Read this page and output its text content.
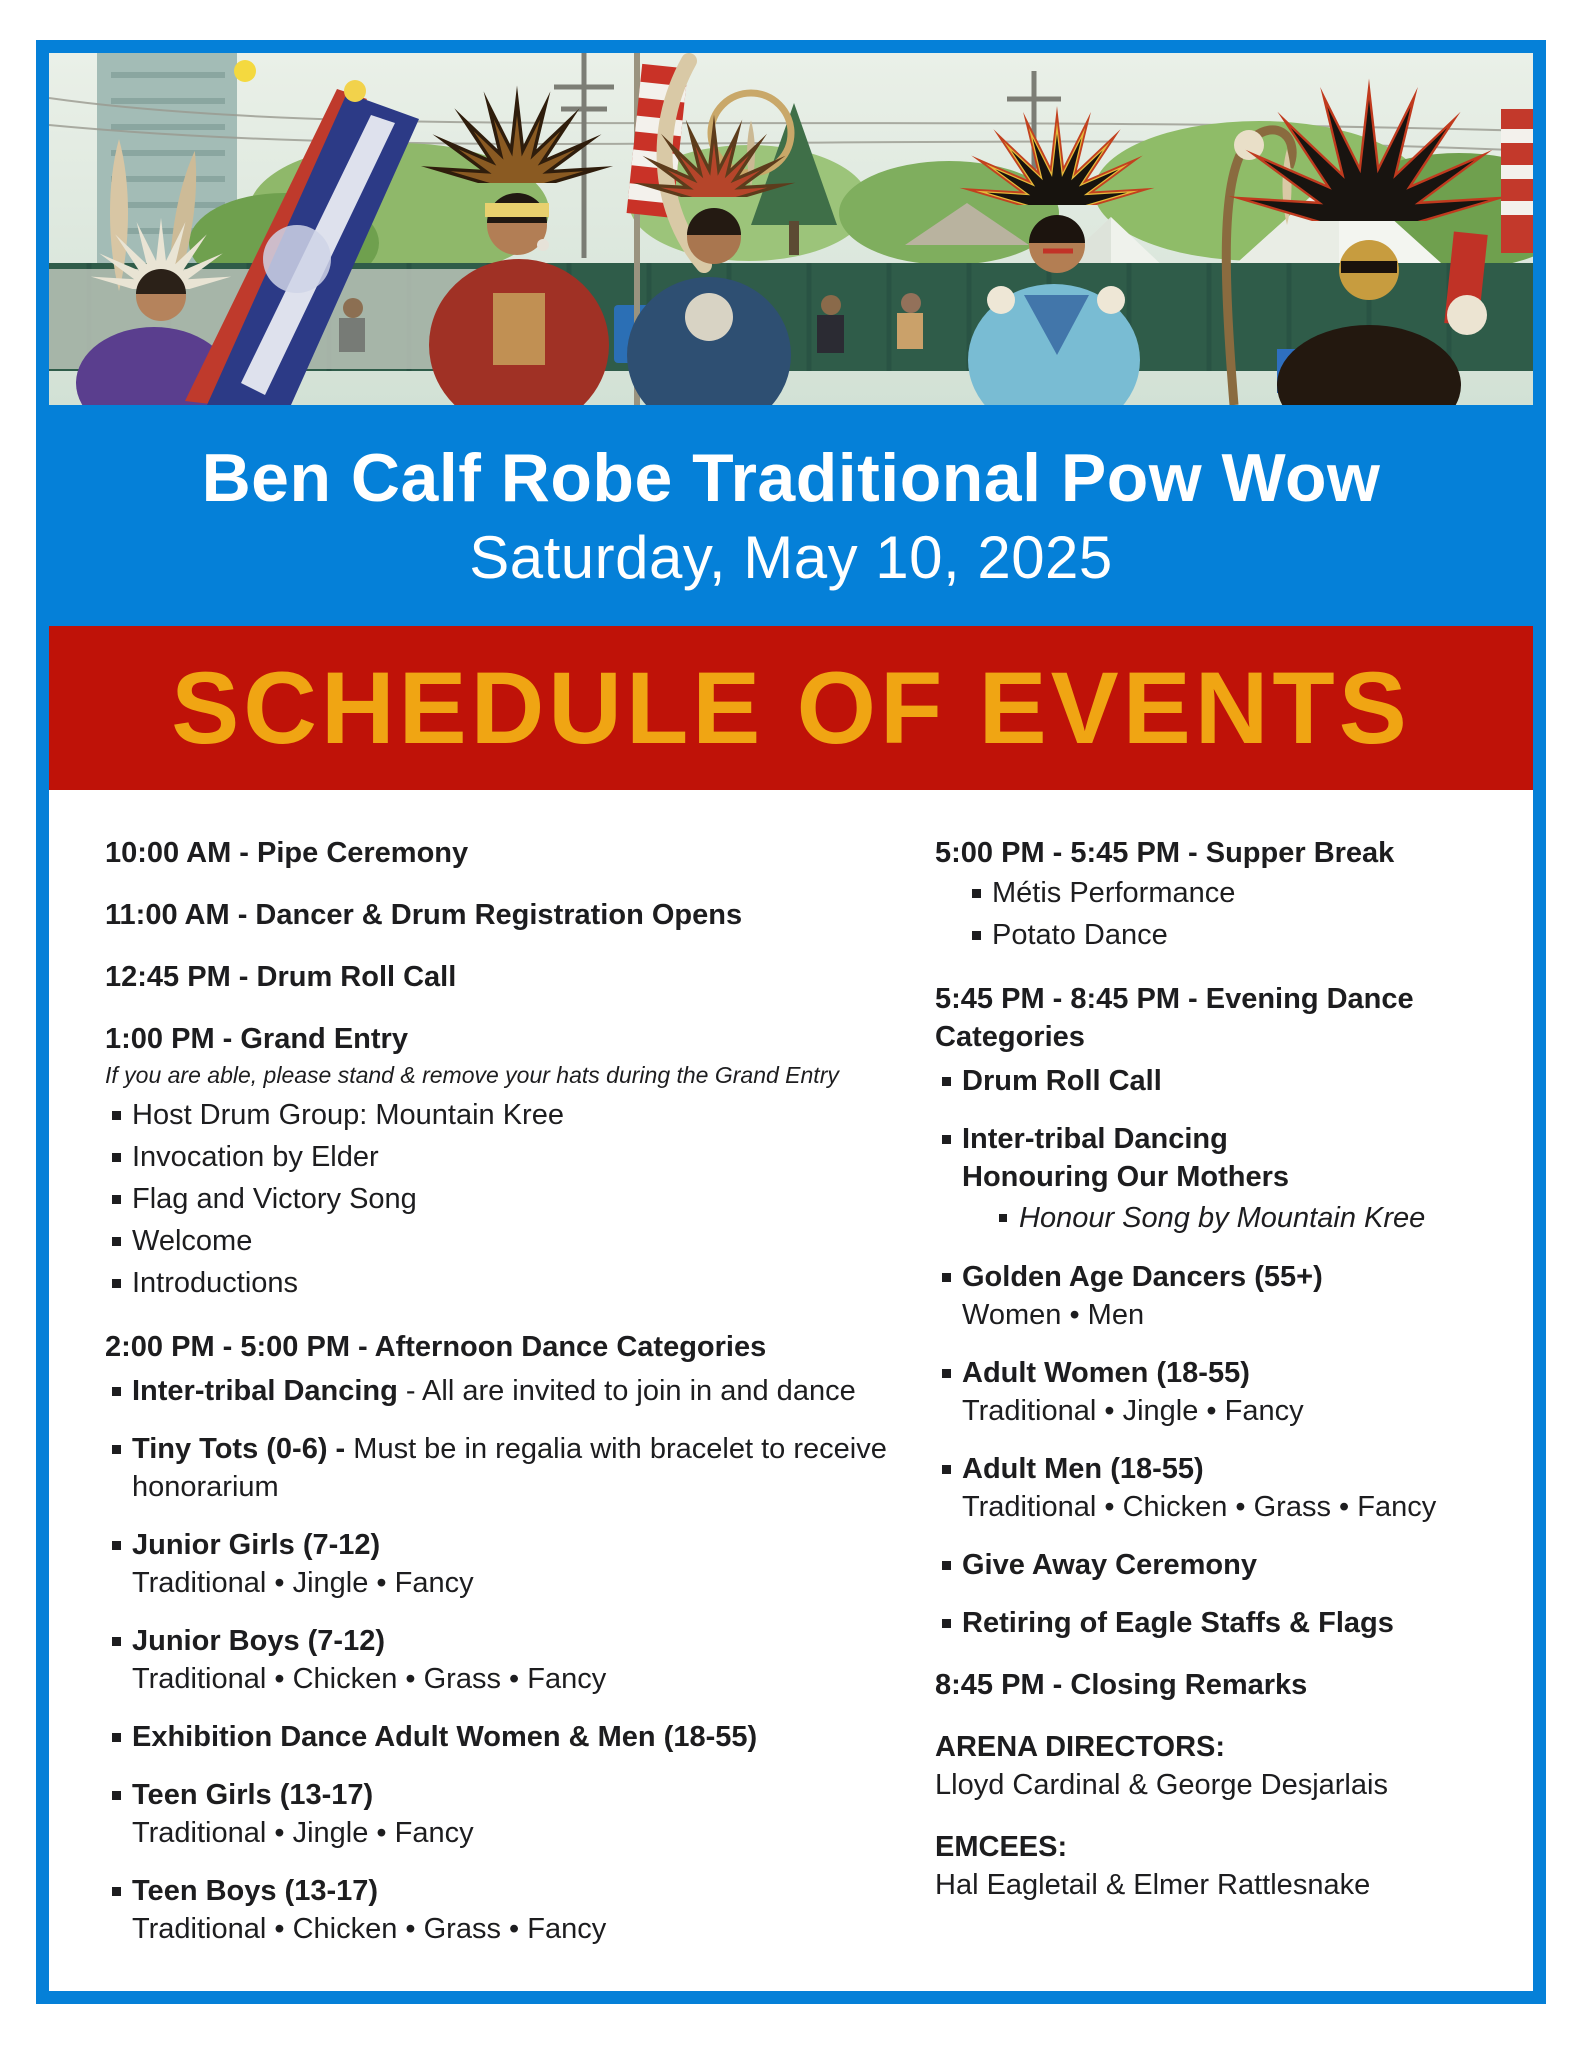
Ben Calf Robe Traditional Pow Wow
Saturday, May 10, 2025
SCHEDULE OF EVENTS
10:00 AM - Pipe Ceremony
11:00 AM - Dancer & Drum Registration Opens
12:45 PM - Drum Roll Call
1:00 PM - Grand Entry
If you are able, please stand & remove your hats during the Grand Entry
Host Drum Group: Mountain Kree
Invocation by Elder
Flag and Victory Song
Welcome
Introductions
2:00 PM - 5:00 PM - Afternoon Dance Categories
Inter-tribal Dancing - All are invited to join in and dance
Tiny Tots (0-6) - Must be in regalia with bracelet to receive honorarium
Junior Girls (7-12)
Traditional • Jingle • Fancy
Junior Boys (7-12)
Traditional • Chicken • Grass • Fancy
Exhibition Dance Adult Women & Men (18-55)
Teen Girls (13-17)
Traditional • Jingle • Fancy
Teen Boys (13-17)
Traditional • Chicken • Grass • Fancy
5:00 PM - 5:45 PM - Supper Break
Métis Performance
Potato Dance
5:45 PM - 8:45 PM - Evening Dance Categories
Drum Roll Call
Inter-tribal Dancing
Honouring Our Mothers
Honour Song by Mountain Kree
Golden Age Dancers (55+)
Women • Men
Adult Women (18-55)
Traditional • Jingle • Fancy
Adult Men (18-55)
Traditional • Chicken • Grass • Fancy
Give Away Ceremony
Retiring of Eagle Staffs & Flags
8:45 PM - Closing Remarks
ARENA DIRECTORS:
Lloyd Cardinal & George Desjarlais
EMCEES:
Hal Eagletail & Elmer Rattlesnake
